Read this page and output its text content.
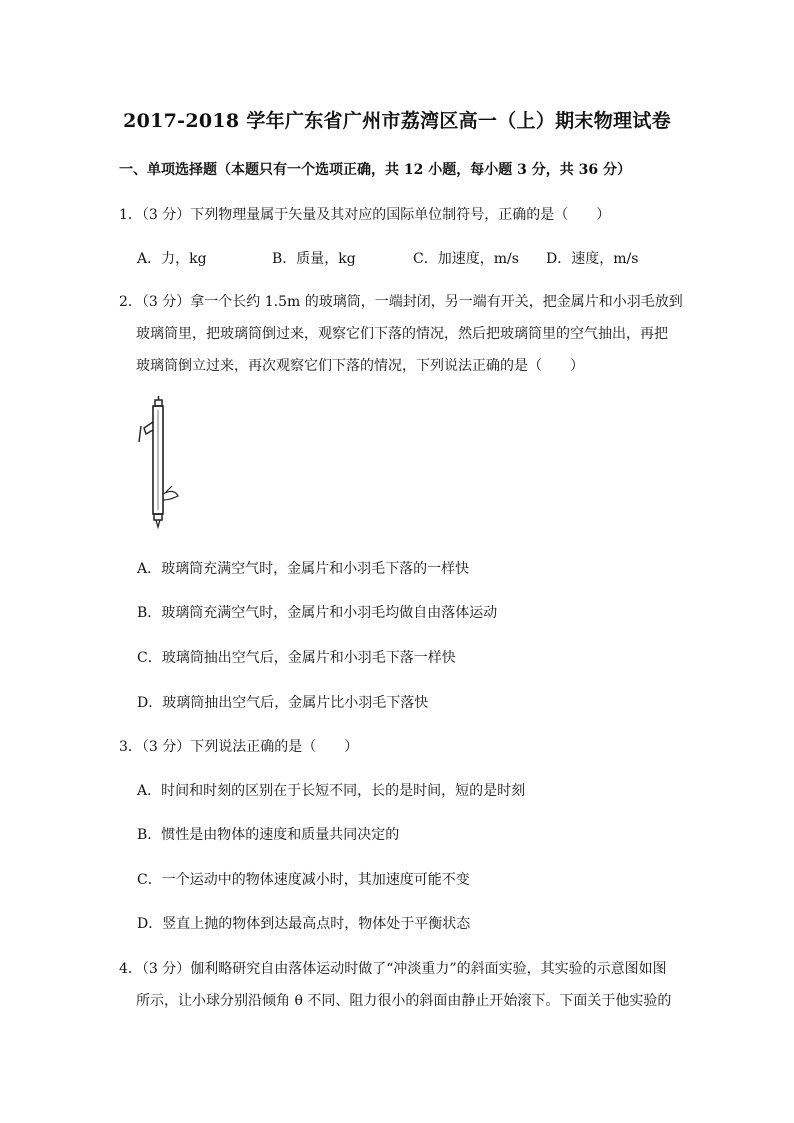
2017-2018 学年广东省广州市荔湾区高一（上）期末物理试卷
一、单项选择题（本题只有一个选项正确，共 12 小题，每小题 3 分，共 36 分）
1．（3 分）下列物理量属于矢量及其对应的国际单位制符号，正确的是（　　）
A．力，kg	B．质量，kg	C．加速度，m/s D．速度，m/s
2．（3 分）拿一个长约 1.5m 的玻璃筒，一端封闭，另一端有开关，把金属片和小羽毛放到
玻璃筒里，把玻璃筒倒过来，观察它们下落的情况，然后把玻璃筒里的空气抽出，再把
玻璃筒倒立过来，再次观察它们下落的情况，下列说法正确的是（　　）
A．玻璃筒充满空气时，金属片和小羽毛下落的一样快
B．玻璃筒充满空气时，金属片和小羽毛均做自由落体运动
C．玻璃筒抽出空气后，金属片和小羽毛下落一样快
D．玻璃筒抽出空气后，金属片比小羽毛下落快
3．（3 分）下列说法正确的是（　　）
A．时间和时刻的区别在于长短不同，长的是时间，短的是时刻
B．惯性是由物体的速度和质量共同决定的
C．一个运动中的物体速度减小时，其加速度可能不变
D．竖直上抛的物体到达最高点时，物体处于平衡状态
4．（3 分）伽利略研究自由落体运动时做了“冲淡重力”的斜面实验，其实验的示意图如图
所示，让小球分别沿倾角 θ 不同、阻力很小的斜面由静止开始滚下。下面关于他实验的
